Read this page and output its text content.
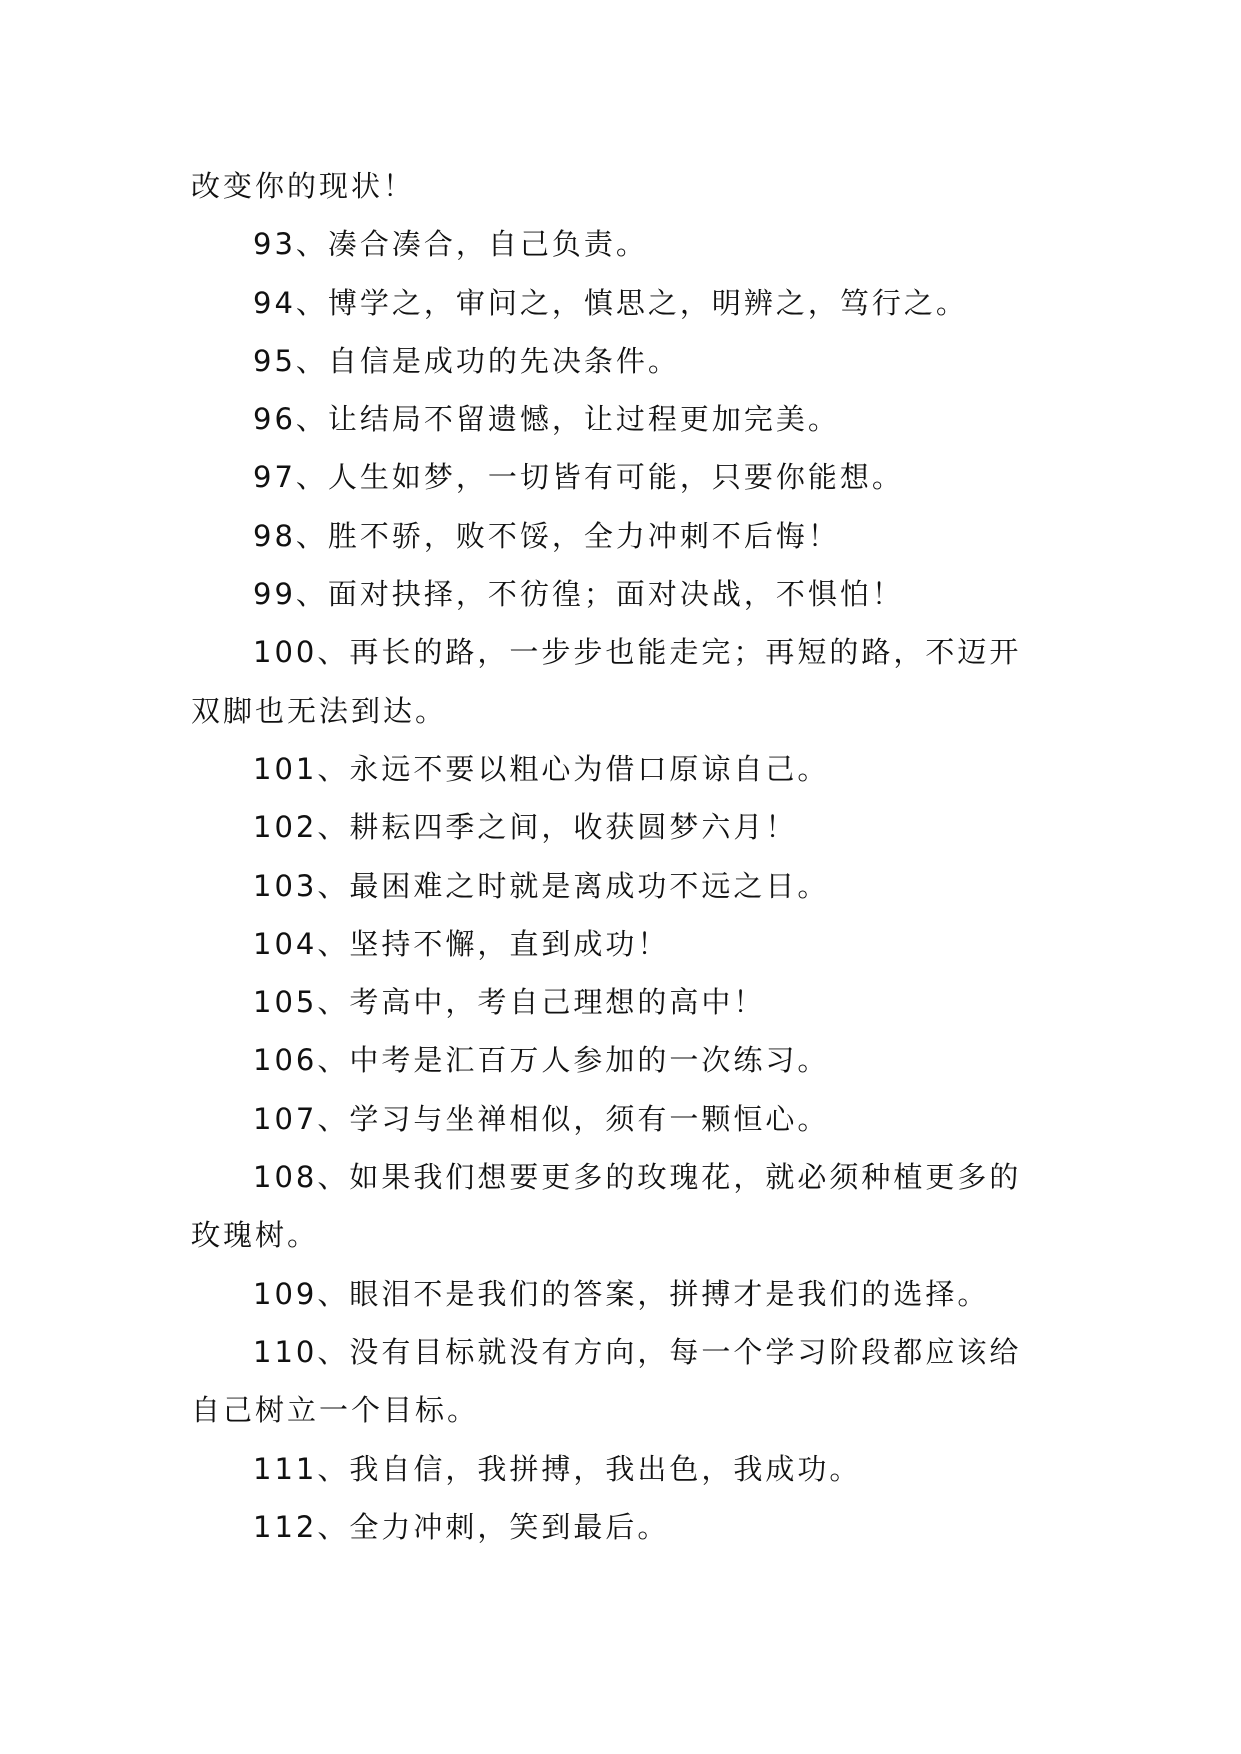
改变你的现状！
93、凑合凑合，自己负责。
94、博学之，审问之，慎思之，明辨之，笃行之。
95、自信是成功的先决条件。
96、让结局不留遗憾，让过程更加完美。
97、人生如梦，一切皆有可能，只要你能想。
98、胜不骄，败不馁，全力冲刺不后悔！
99、面对抉择，不彷徨；面对决战，不惧怕！
100、再长的路，一步步也能走完；再短的路，不迈开
双脚也无法到达。
101、永远不要以粗心为借口原谅自己。
102、耕耘四季之间，收获圆梦六月！
103、最困难之时就是离成功不远之日。
104、坚持不懈，直到成功！
105、考高中，考自己理想的高中！
106、中考是汇百万人参加的一次练习。
107、学习与坐禅相似，须有一颗恒心。
108、如果我们想要更多的玫瑰花，就必须种植更多的
玫瑰树。
109、眼泪不是我们的答案，拼搏才是我们的选择。
110、没有目标就没有方向，每一个学习阶段都应该给
自己树立一个目标。
111、我自信，我拼搏，我出色，我成功。
112、全力冲刺，笑到最后。
